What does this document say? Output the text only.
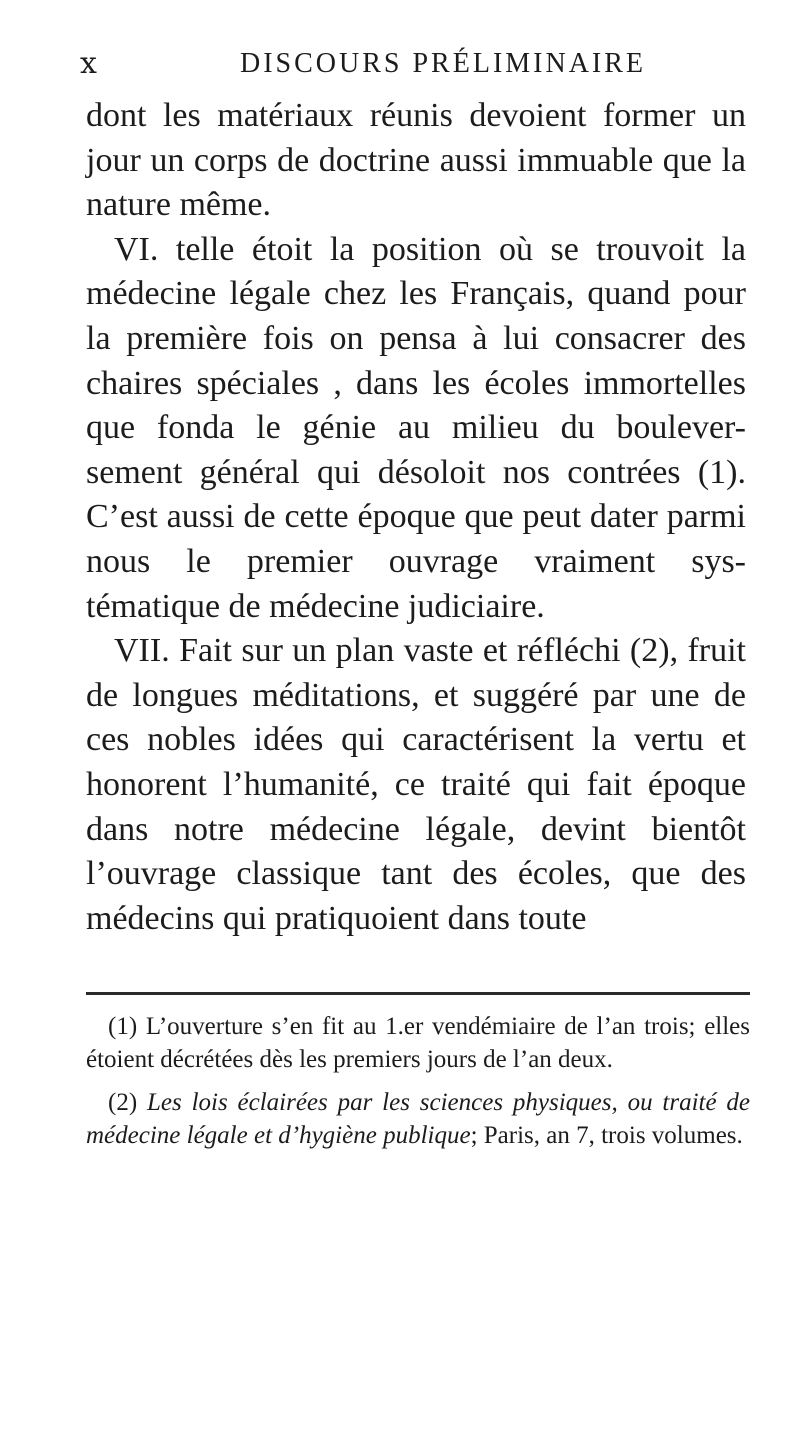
x	DISCOURS PRÉLIMINAIRE

dont les matériaux réunis devoient former un jour un corps de doctrine aussi immuable que la nature même.

VI. telle étoit la position où se trouvoit la médecine légale chez les Français, quand pour la première fois on pensa à lui consacrer des chaires spéciales , dans les écoles immortelles que fonda le génie au milieu du boulever- sement général qui désoloit nos contrées (1). C’est aussi de cette époque que peut dater parmi nous le premier ouvrage vraiment sys- tématique de médecine judiciaire.

VII. Fait sur un plan vaste et réfléchi (2), fruit de longues méditations, et suggéré par une de ces nobles idées qui caractérisent la vertu et honorent l’humanité, ce traité qui fait époque dans notre médecine légale, devint bientôt l’ouvrage classique tant des écoles, que des médecins qui pratiquoient dans toute

(1) L’ouverture s’en fit au 1.er vendémiaire de l’an trois; elles étoient décrétées dès les premiers jours de l’an deux.

(2) Les lois éclairées par les sciences physiques, ou traité de médecine légale et d’hygiène publique; Paris, an 7, trois volumes.
